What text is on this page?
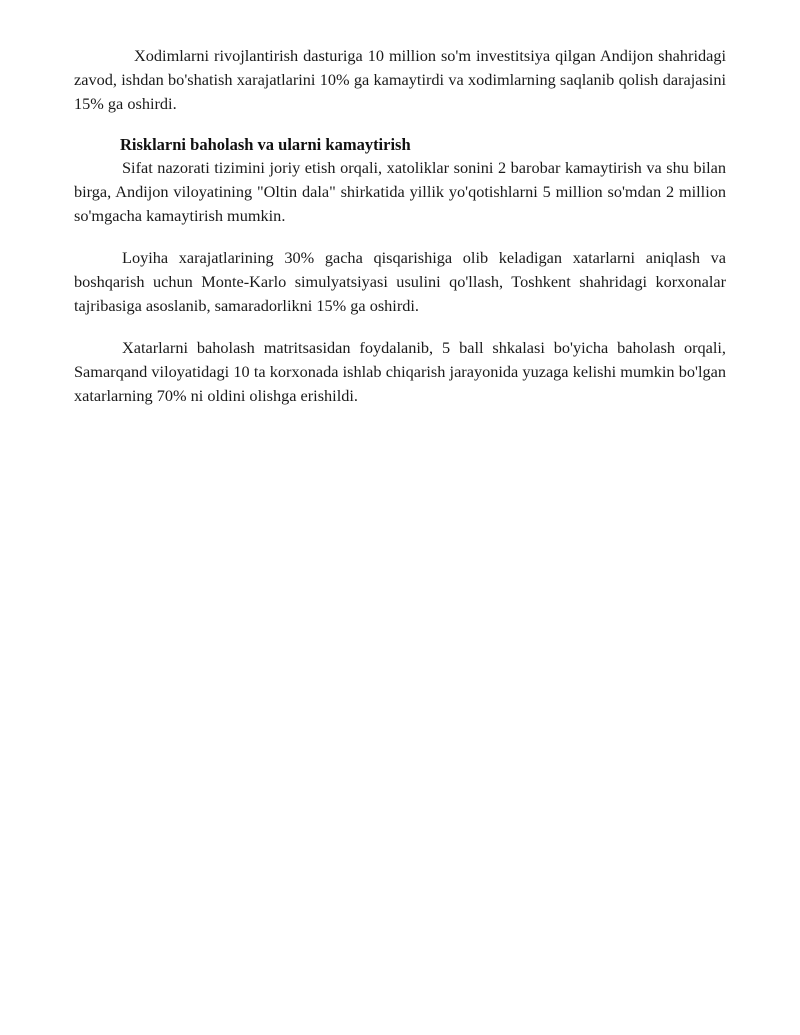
Xodimlarni rivojlantirish dasturiga 10 million so'm investitsiya qilgan Andijon shahridagi zavod, ishdan bo'shatish xarajatlarini 10% ga kamaytirdi va xodimlarning saqlanib qolish darajasini 15% ga oshirdi.

Risklarni baholash va ularni kamaytirish

Sifat nazorati tizimini joriy etish orqali, xatoliklar sonini 2 barobar kamaytirish va shu bilan birga, Andijon viloyatining "Oltin dala" shirkatida yillik yo'qotishlarni 5 million so'mdan 2 million so'mgacha kamaytirish mumkin.

Loyiha xarajatlarining 30% gacha qisqarishiga olib keladigan xatarlarni aniqlash va boshqarish uchun Monte-Karlo simulyatsiyasi usulini qo'llash, Toshkent shahridagi korxonalar tajribasiga asoslanib, samaradorlikni 15% ga oshirdi.

Xatarlarni baholash matritsasidan foydalanib, 5 ball shkalasi bo'yicha baholash orqali, Samarqand viloyatidagi 10 ta korxonada ishlab chiqarish jarayonida yuzaga kelishi mumkin bo'lgan xatarlarning 70% ni oldini olishga erishildi.
